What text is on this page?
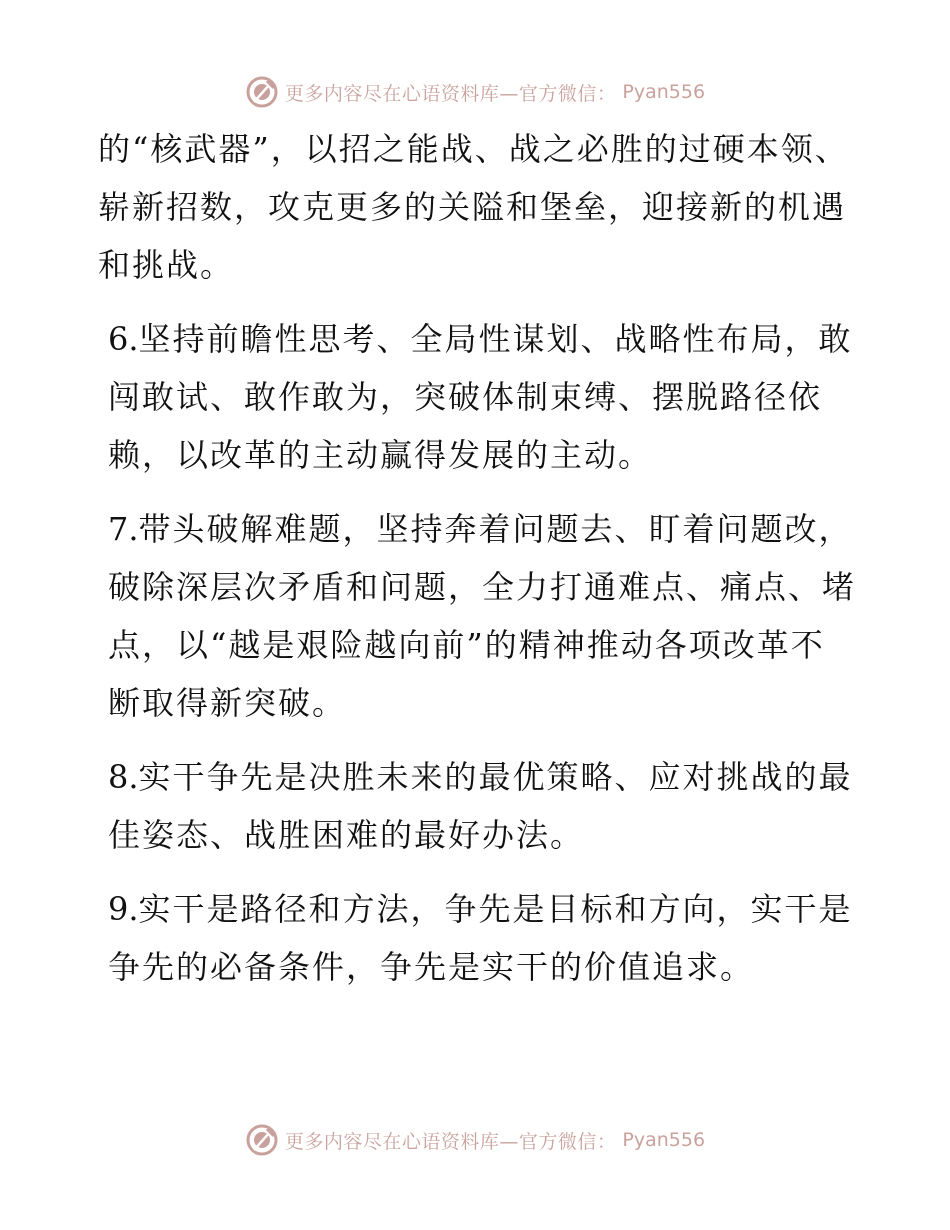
更多内容尽在心语资料库—官方微信： Pyan556

的“核武器”，以招之能战、战之必胜的过硬本领、崭新招数，攻克更多的关隘和堡垒，迎接新的机遇和挑战。

6.坚持前瞻性思考、全局性谋划、战略性布局，敢闯敢试、敢作敢为，突破体制束缚、摆脱路径依赖，以改革的主动赢得发展的主动。

7.带头破解难题，坚持奔着问题去、盯着问题改，破除深层次矛盾和问题，全力打通难点、痛点、堵点，以“越是艰险越向前”的精神推动各项改革不断取得新突破。

8.实干争先是决胜未来的最优策略、应对挑战的最佳姿态、战胜困难的最好办法。

9.实干是路径和方法，争先是目标和方向，实干是争先的必备条件，争先是实干的价值追求。

更多内容尽在心语资料库—官方微信： Pyan556
